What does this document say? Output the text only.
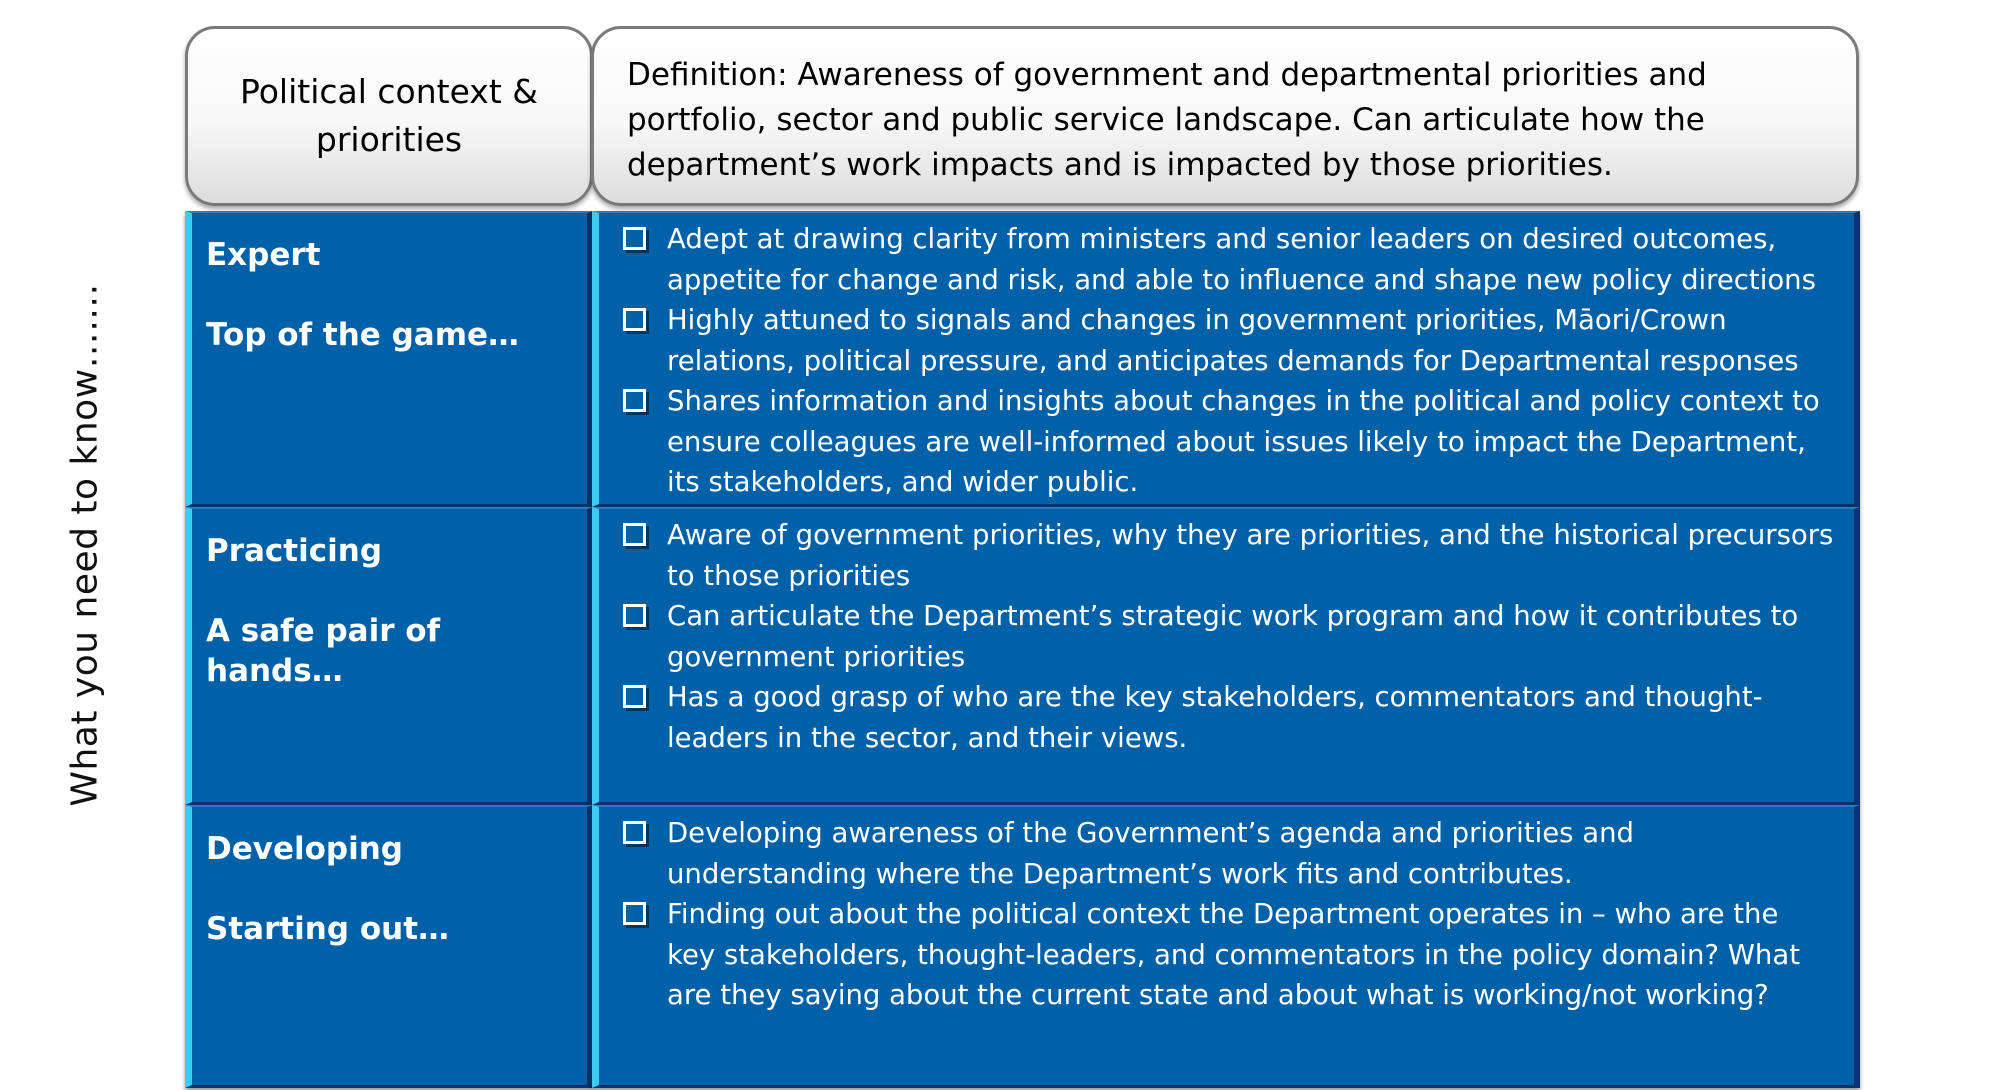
What you need to know…….
Political context & priorities
Definition: Awareness of government and departmental priorities and portfolio, sector and public service landscape. Can articulate how the department’s work impacts and is impacted by those priorities.
Expert
Top of the game…
Adept at drawing clarity from ministers and senior leaders on desired outcomes, appetite for change and risk, and able to influence and shape new policy directions
Highly attuned to signals and changes in government priorities, Māori/Crown relations, political pressure, and anticipates demands for Departmental responses
Shares information and insights about changes in the political and policy context to ensure colleagues are well-informed about issues likely to impact the Department, its stakeholders, and wider public.
Practicing
A safe pair of hands…
Aware of government priorities, why they are priorities, and the historical precursors to those priorities
Can articulate the Department’s strategic work program and how it contributes to government priorities
Has a good grasp of who are the key stakeholders, commentators and thought-leaders in the sector, and their views.
Developing
Starting out…
Developing awareness of the Government’s agenda and priorities and understanding where the Department’s work fits and contributes.
Finding out about the political context the Department operates in – who are the key stakeholders, thought-leaders, and commentators in the policy domain? What are they saying about the current state and about what is working/not working?
